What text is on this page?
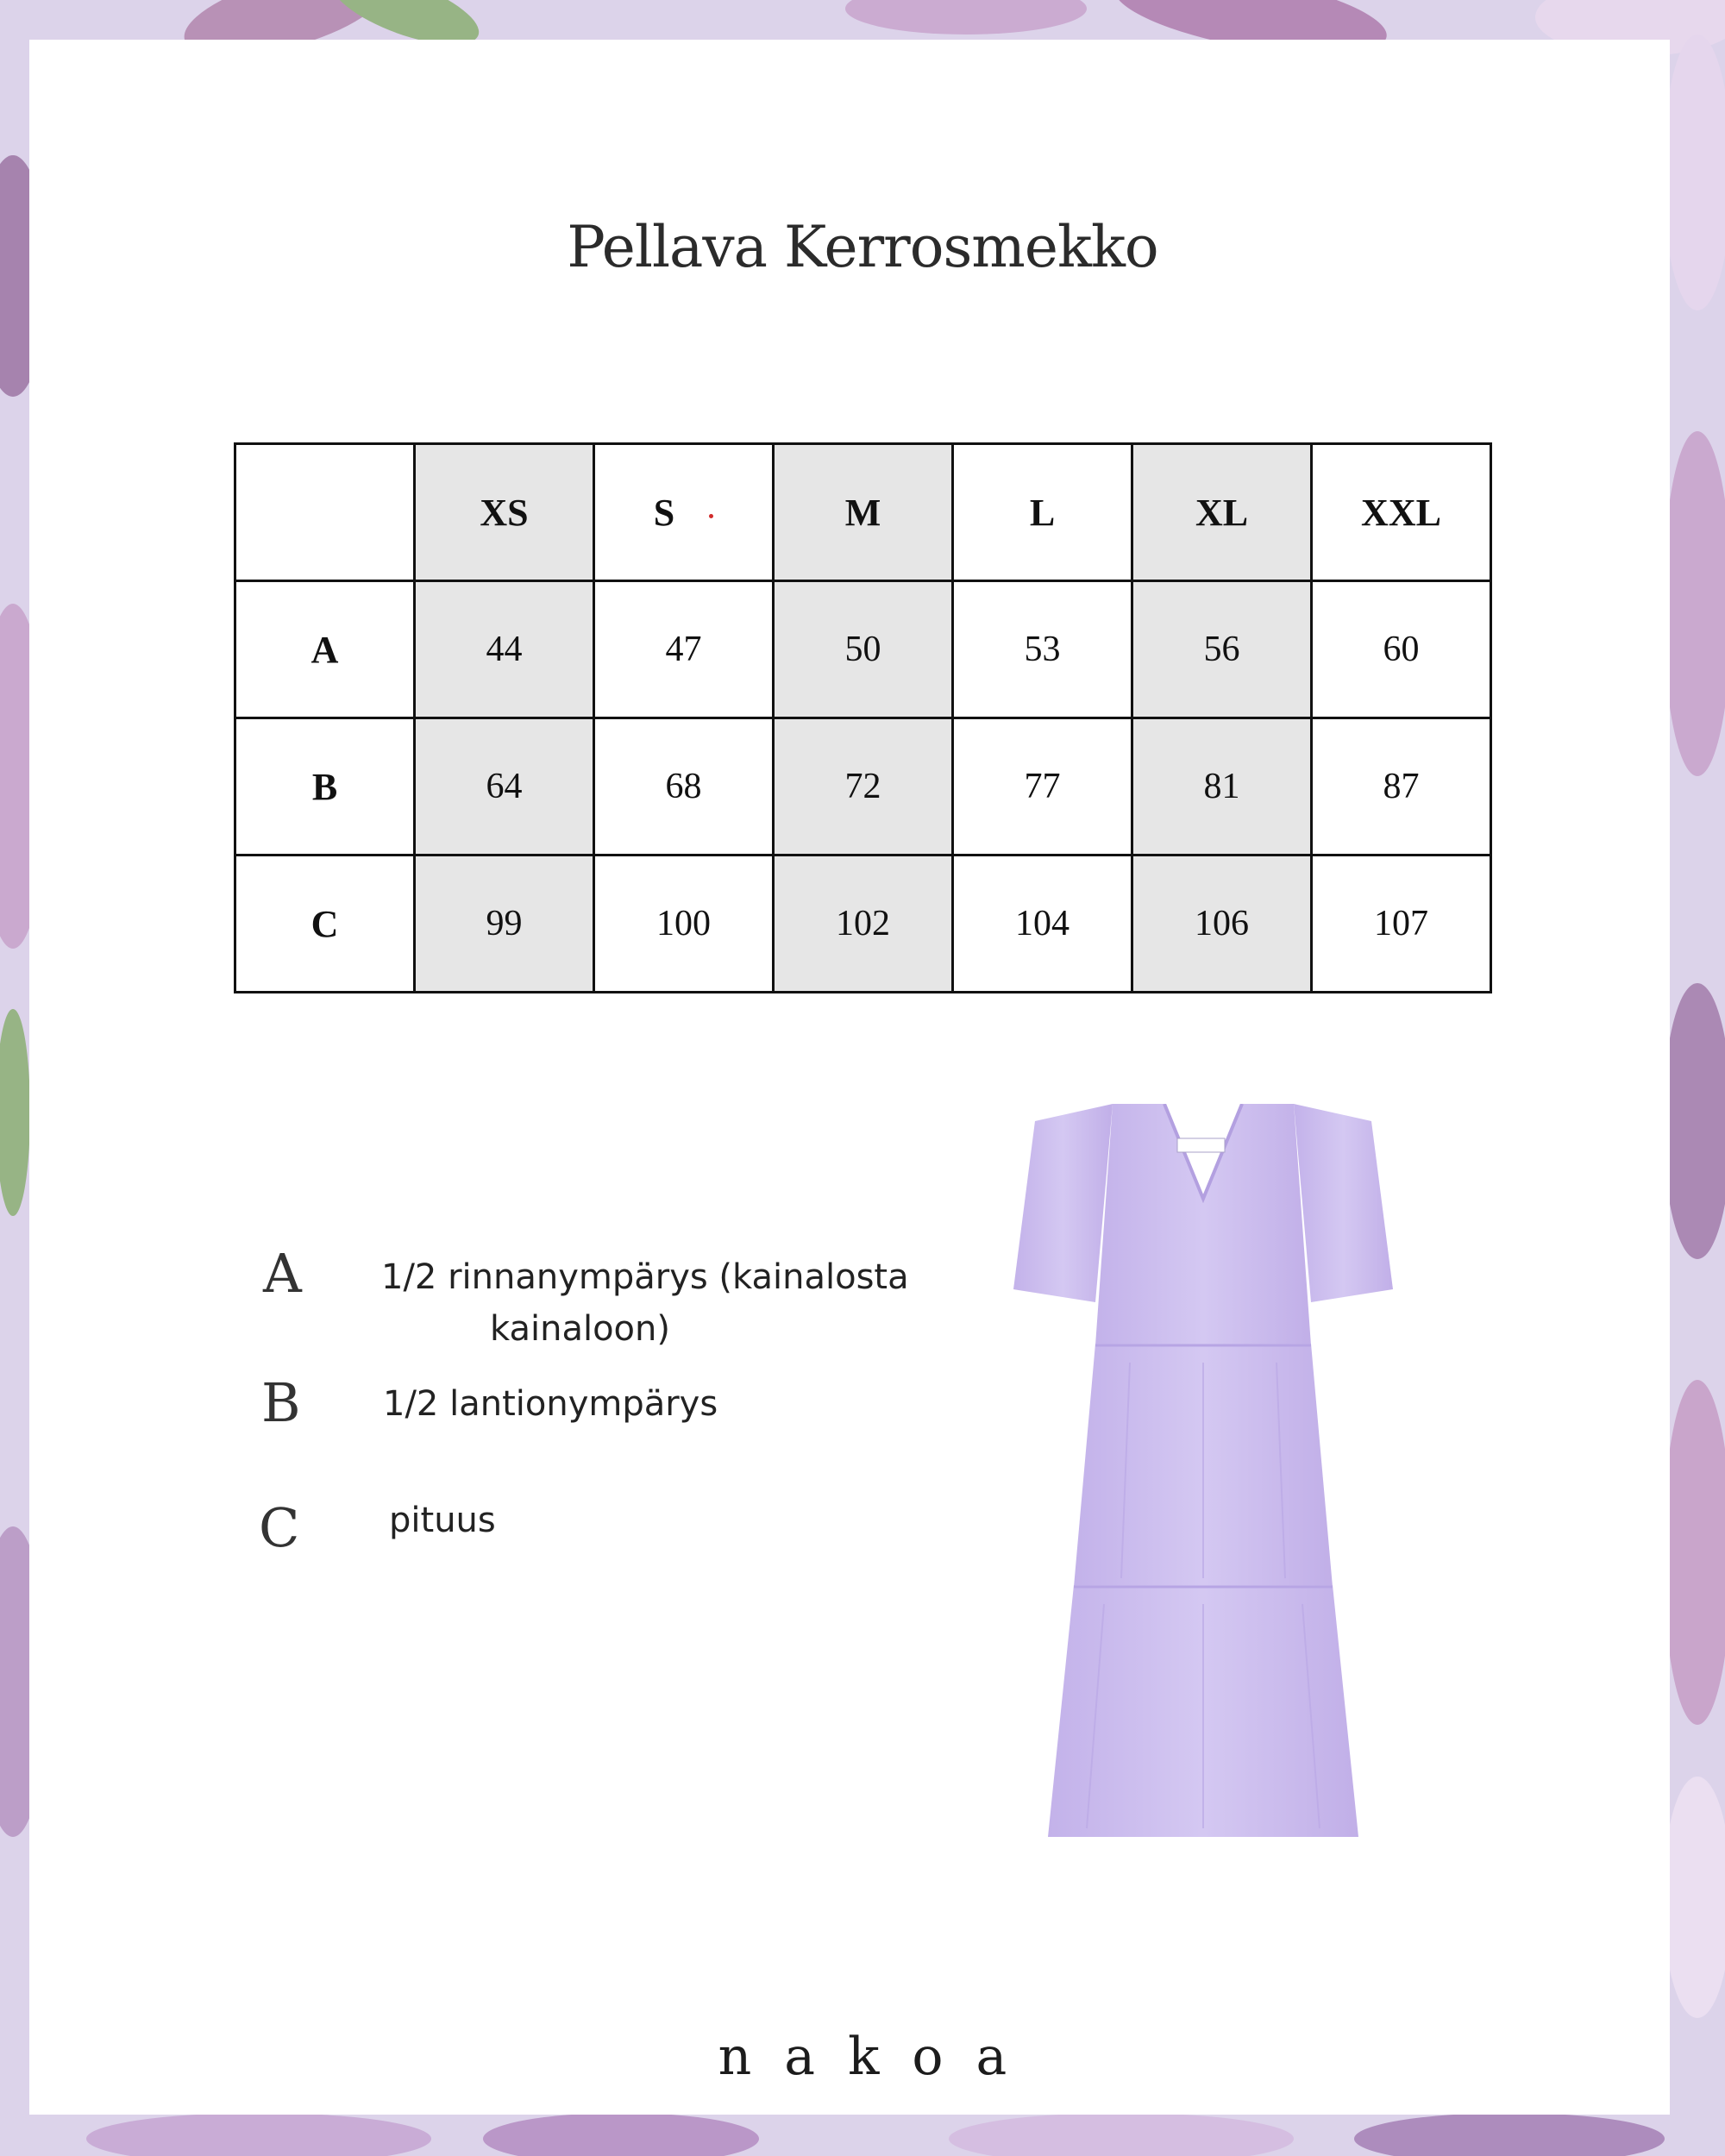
Pellava Kerrosmekko
	XS	S	M	L	XL	XXL
A	44	47	50	53	56	60
B	64	68	72	77	81	87
C	99	100	102	104	106	107
A 1/2 rinnanympärys (kainalosta
kainaloon)
B 1/2 lantionympärys
C	pituus
nakoa
